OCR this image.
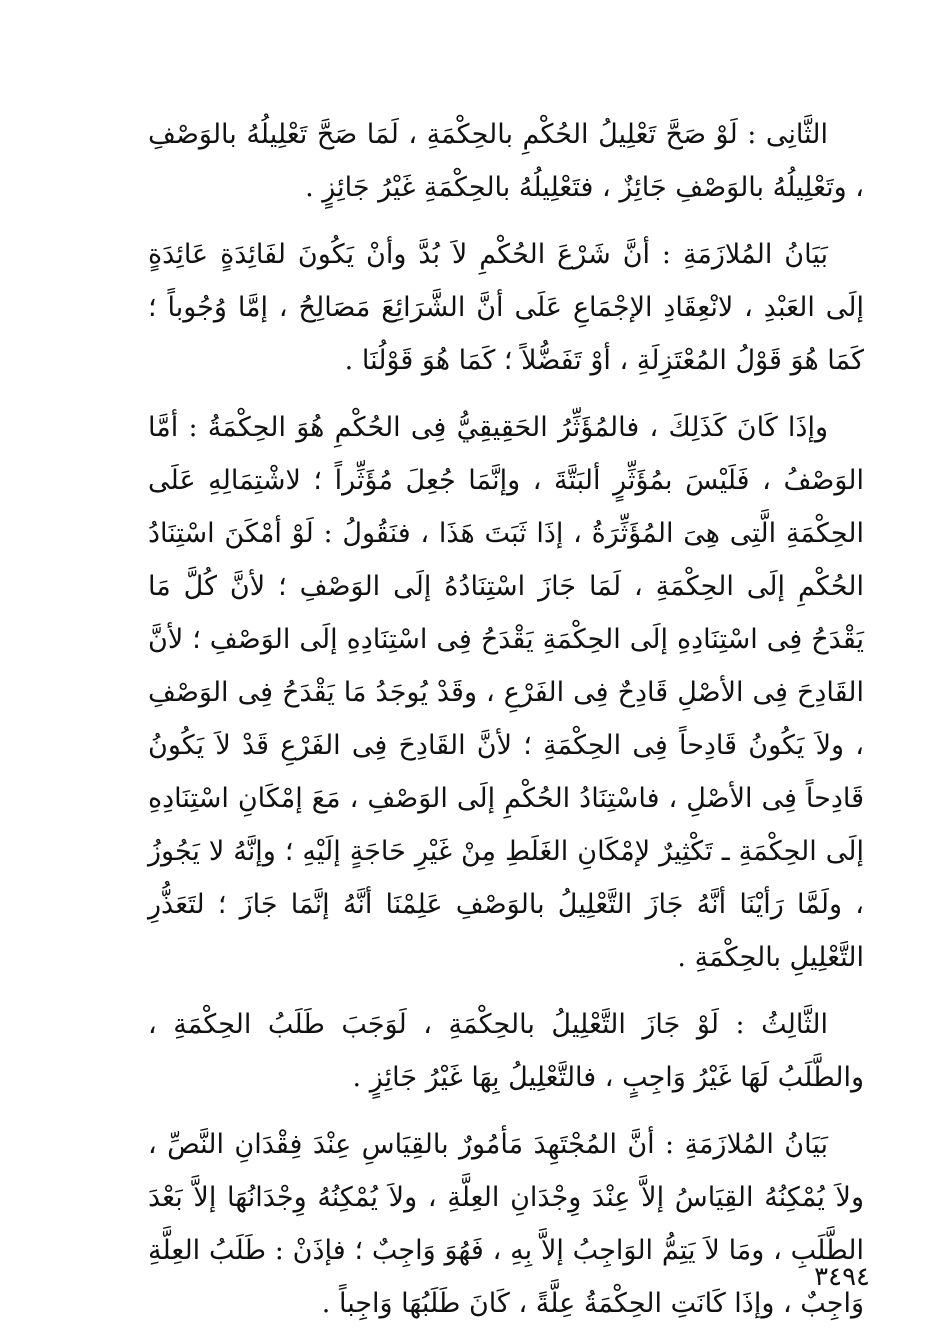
الثَّانِى : لَوْ صَحَّ تَعْلِيلُ الحُكْمِ بالحِكْمَةِ ، لَمَا صَحَّ تَعْلِيلُهُ بالوَصْفِ ، وتَعْلِيلُهُ بالوَصْفِ جَائِزٌ ، فتَعْلِيلُهُ بالحِكْمَةِ غَيْرُ جَائِزٍ .

بَيَانُ المُلازَمَةِ : أنَّ شَرْعَ الحُكْمِ لاَ بُدَّ وأنْ يَكُونَ لفَائِدَةٍ عَائِدَةٍ إلَى العَبْدِ ، لانْعِقَادِ الإجْمَاعِ عَلَى أنَّ الشَّرَائِعَ مَصَالِحُ ، إمَّا وُجُوباً ؛ كَمَا هُوَ قَوْلُ المُعْتَزِلَةِ ، أوْ تَفَضُّلاً ؛ كَمَا هُوَ قَوْلُنَا .

وإذَا كَانَ كَذَلِكَ ، فالمُؤَثِّرُ الحَقِيقِيُّ فِى الحُكْمِ هُوَ الحِكْمَةُ : أمَّا الوَصْفُ ، فَلَيْسَ بمُؤَثِّرٍ ألبَتَّةَ ، وإنَّمَا جُعِلَ مُؤَثِّراً ؛ لاشْتِمَالِهِ عَلَى الحِكْمَةِ الَّتِى هِىَ المُؤَثِّرَةُ ، إذَا ثَبَتَ هَذَا ، فنَقُولُ : لَوْ أمْكَنَ اسْتِنَادُ الحُكْمِ إلَى الحِكْمَةِ ، لَمَا جَازَ اسْتِنَادُهُ إلَى الوَصْفِ ؛ لأنَّ كُلَّ مَا يَقْدَحُ فِى اسْتِنَادِهِ إلَى الحِكْمَةِ يَقْدَحُ فِى اسْتِنَادِهِ إلَى الوَصْفِ ؛ لأنَّ القَادِحَ فِى الأصْلِ قَادِحٌ فِى الفَرْعِ ، وقَدْ يُوجَدُ مَا يَقْدَحُ فِى الوَصْفِ ، ولاَ يَكُونُ قَادِحاً فِى الحِكْمَةِ ؛ لأنَّ القَادِحَ فِى الفَرْعِ قَدْ لاَ يَكُونُ قَادِحاً فِى الأصْلِ ، فاسْتِنَادُ الحُكْمِ إلَى الوَصْفِ ، مَعَ إمْكَانِ اسْتِنَادِهِ إلَى الحِكْمَةِ ـ تَكْثِيرٌ لإمْكَانِ الغَلَطِ مِنْ غَيْرِ حَاجَةٍ إلَيْهِ ؛ وإنَّهُ لا يَجُوزُ ، ولَمَّا رَأيْنَا أنَّهُ جَازَ التَّعْلِيلُ بالوَصْفِ عَلِمْنَا أنَّهُ إنَّمَا جَازَ ؛ لتَعَذُّرِ التَّعْلِيلِ بالحِكْمَةِ .

الثَّالِثُ : لَوْ جَازَ التَّعْلِيلُ بالحِكْمَةِ ، لَوَجَبَ طَلَبُ الحِكْمَةِ ، والطَّلَبُ لَهَا غَيْرُ وَاجِبٍ ، فالتَّعْلِيلُ بِهَا غَيْرُ جَائِزٍ .

بَيَانُ المُلازَمَةِ : أنَّ المُجْتَهِدَ مَأمُورٌ بالقِيَاسِ عِنْدَ فِقْدَانِ النَّصِّ ، ولاَ يُمْكِنُهُ القِيَاسُ إلاَّ عِنْدَ وِجْدَانِ العِلَّةِ ، ولاَ يُمْكِنُهُ وِجْدَانُهَا إلاَّ بَعْدَ الطَّلَبِ ، ومَا لاَ يَتِمُّ الوَاجِبُ إلاَّ بِهِ ، فَهُوَ وَاجِبٌ ؛ فإذَنْ : طَلَبُ العِلَّةِ وَاجِبٌ ، وإذَا كَانَتِ الحِكْمَةُ عِلَّةً ، كَانَ طَلَبُهَا وَاجِباً .

٣٤٩٤
